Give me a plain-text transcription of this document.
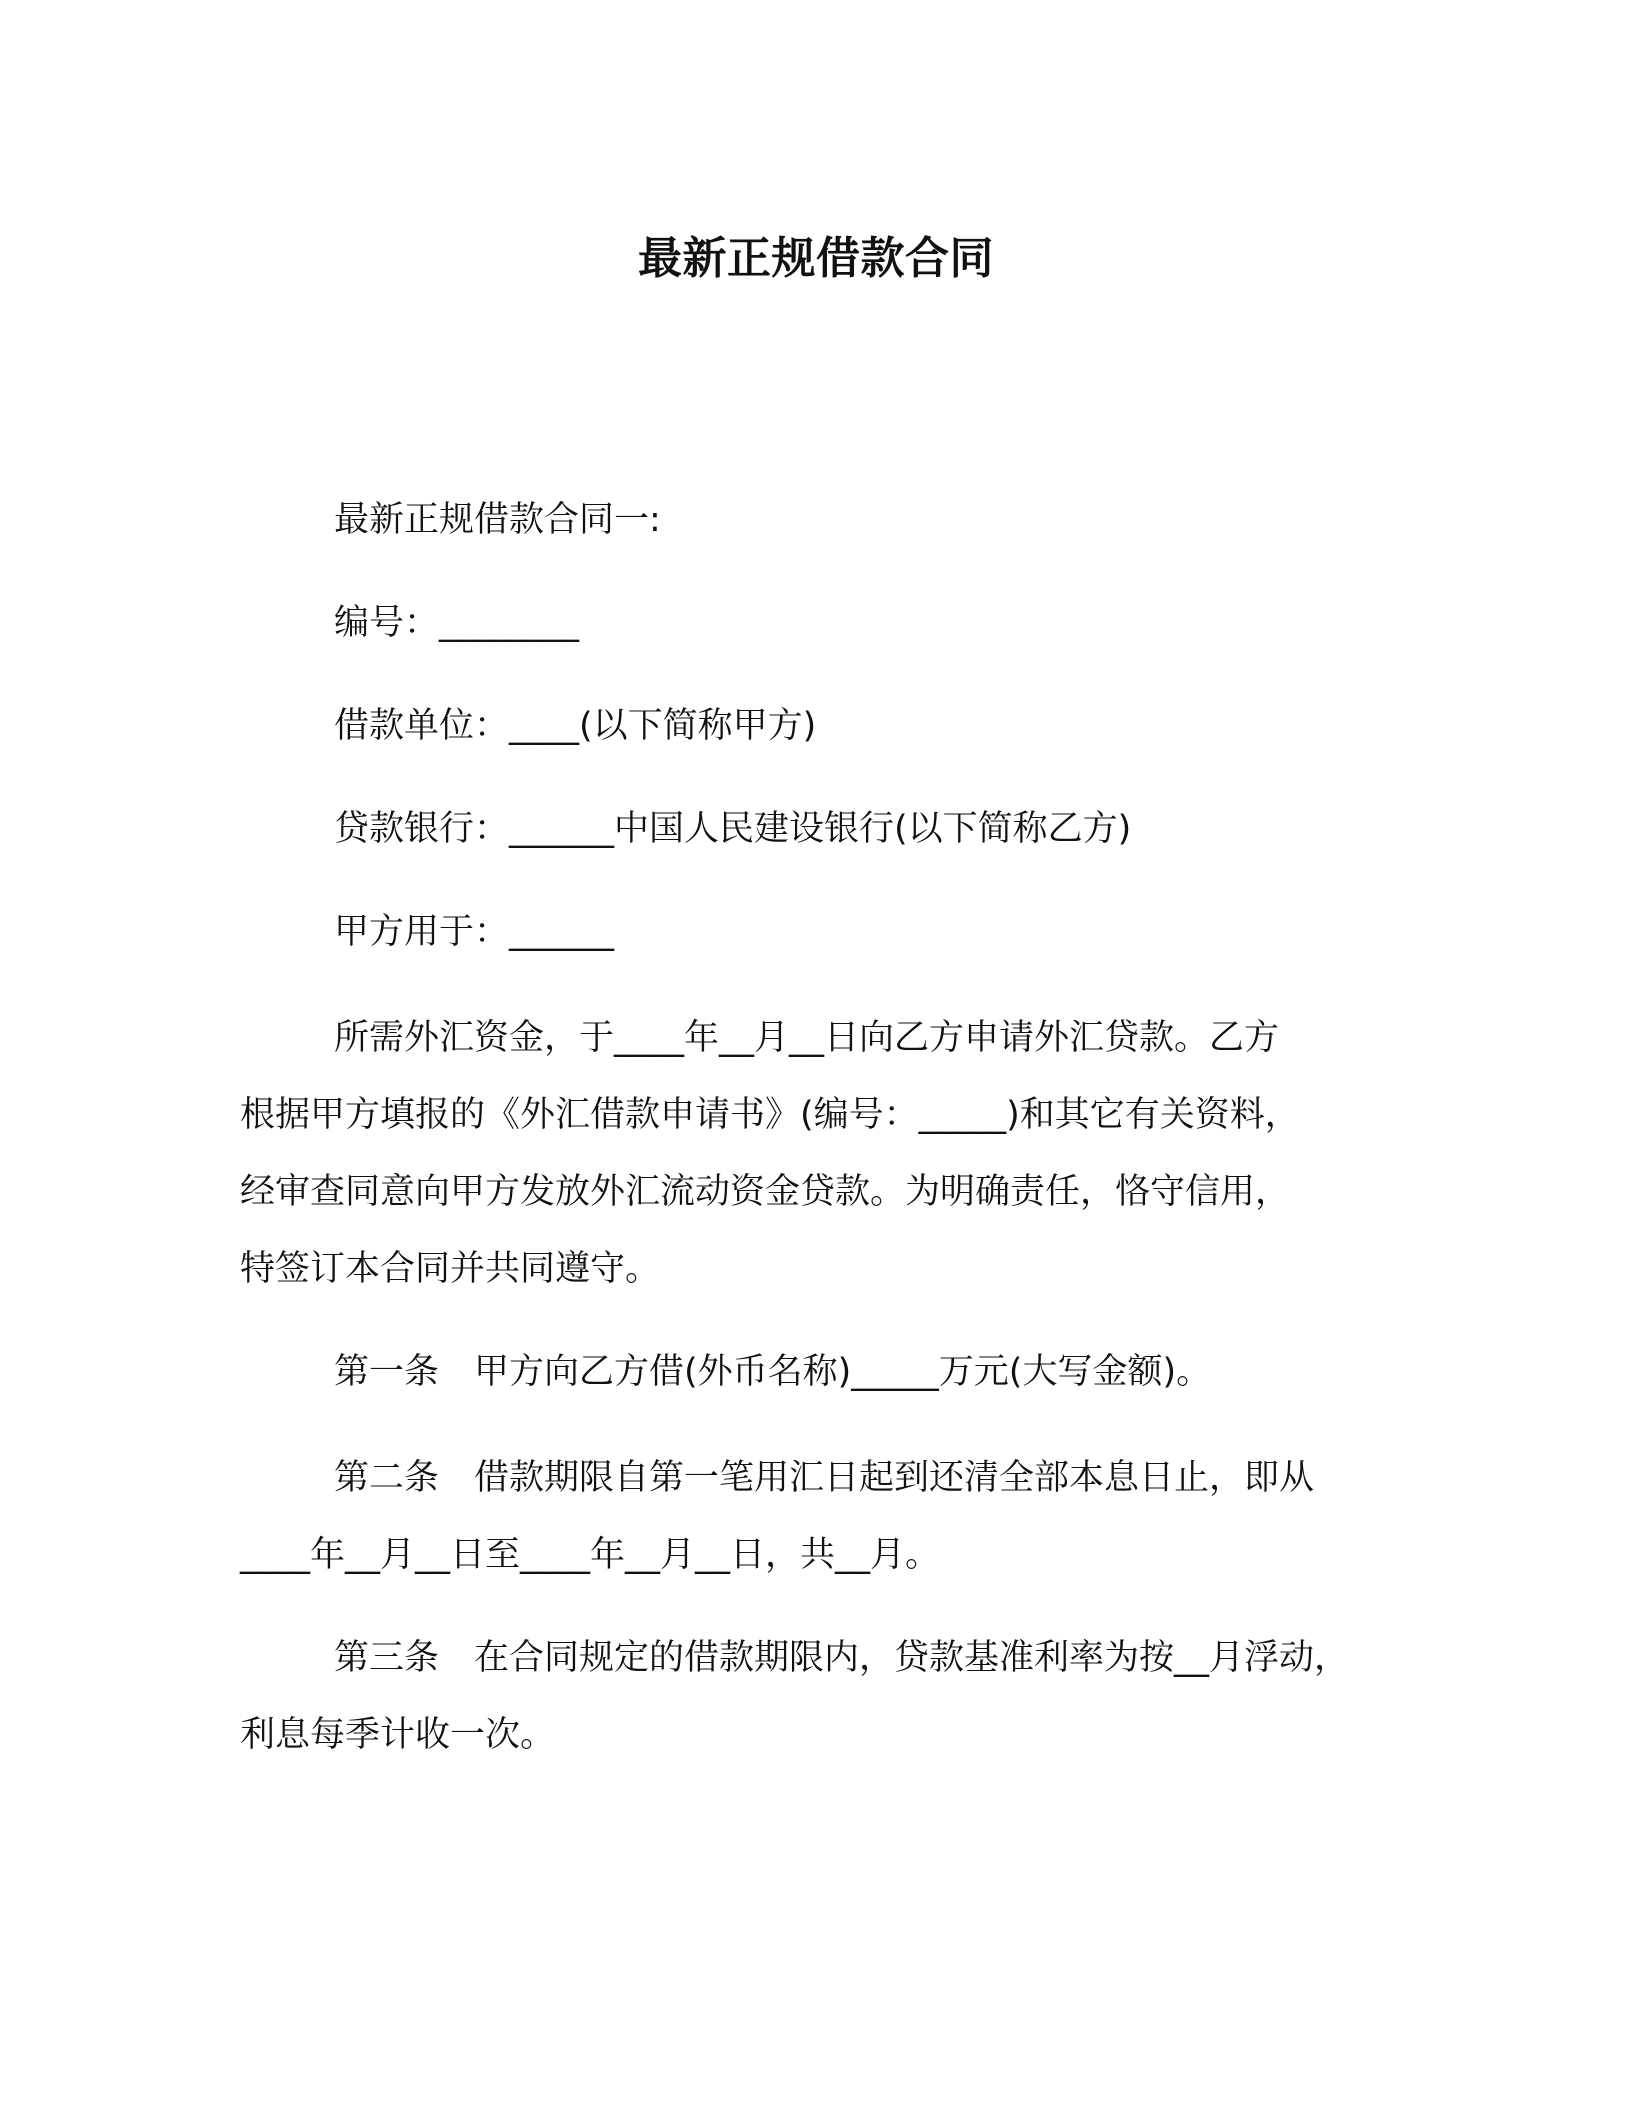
最新正规借款合同

最新正规借款合同一:

编号：________

借款单位：____(以下简称甲方)

贷款银行：______中国人民建设银行(以下简称乙方)

甲方用于：______

所需外汇资金，于____年__月__日向乙方申请外汇贷款。乙方

根据甲方填报的《外汇借款申请书》(编号：_____)和其它有关资料，

经审查同意向甲方发放外汇流动资金贷款。为明确责任，恪守信用，

特签订本合同并共同遵守。

第一条　甲方向乙方借(外币名称)_____万元(大写金额)。

第二条　借款期限自第一笔用汇日起到还清全部本息日止，即从

____年__月__日至____年__月__日，共__月。

第三条　在合同规定的借款期限内，贷款基准利率为按__月浮动，

利息每季计收一次。
